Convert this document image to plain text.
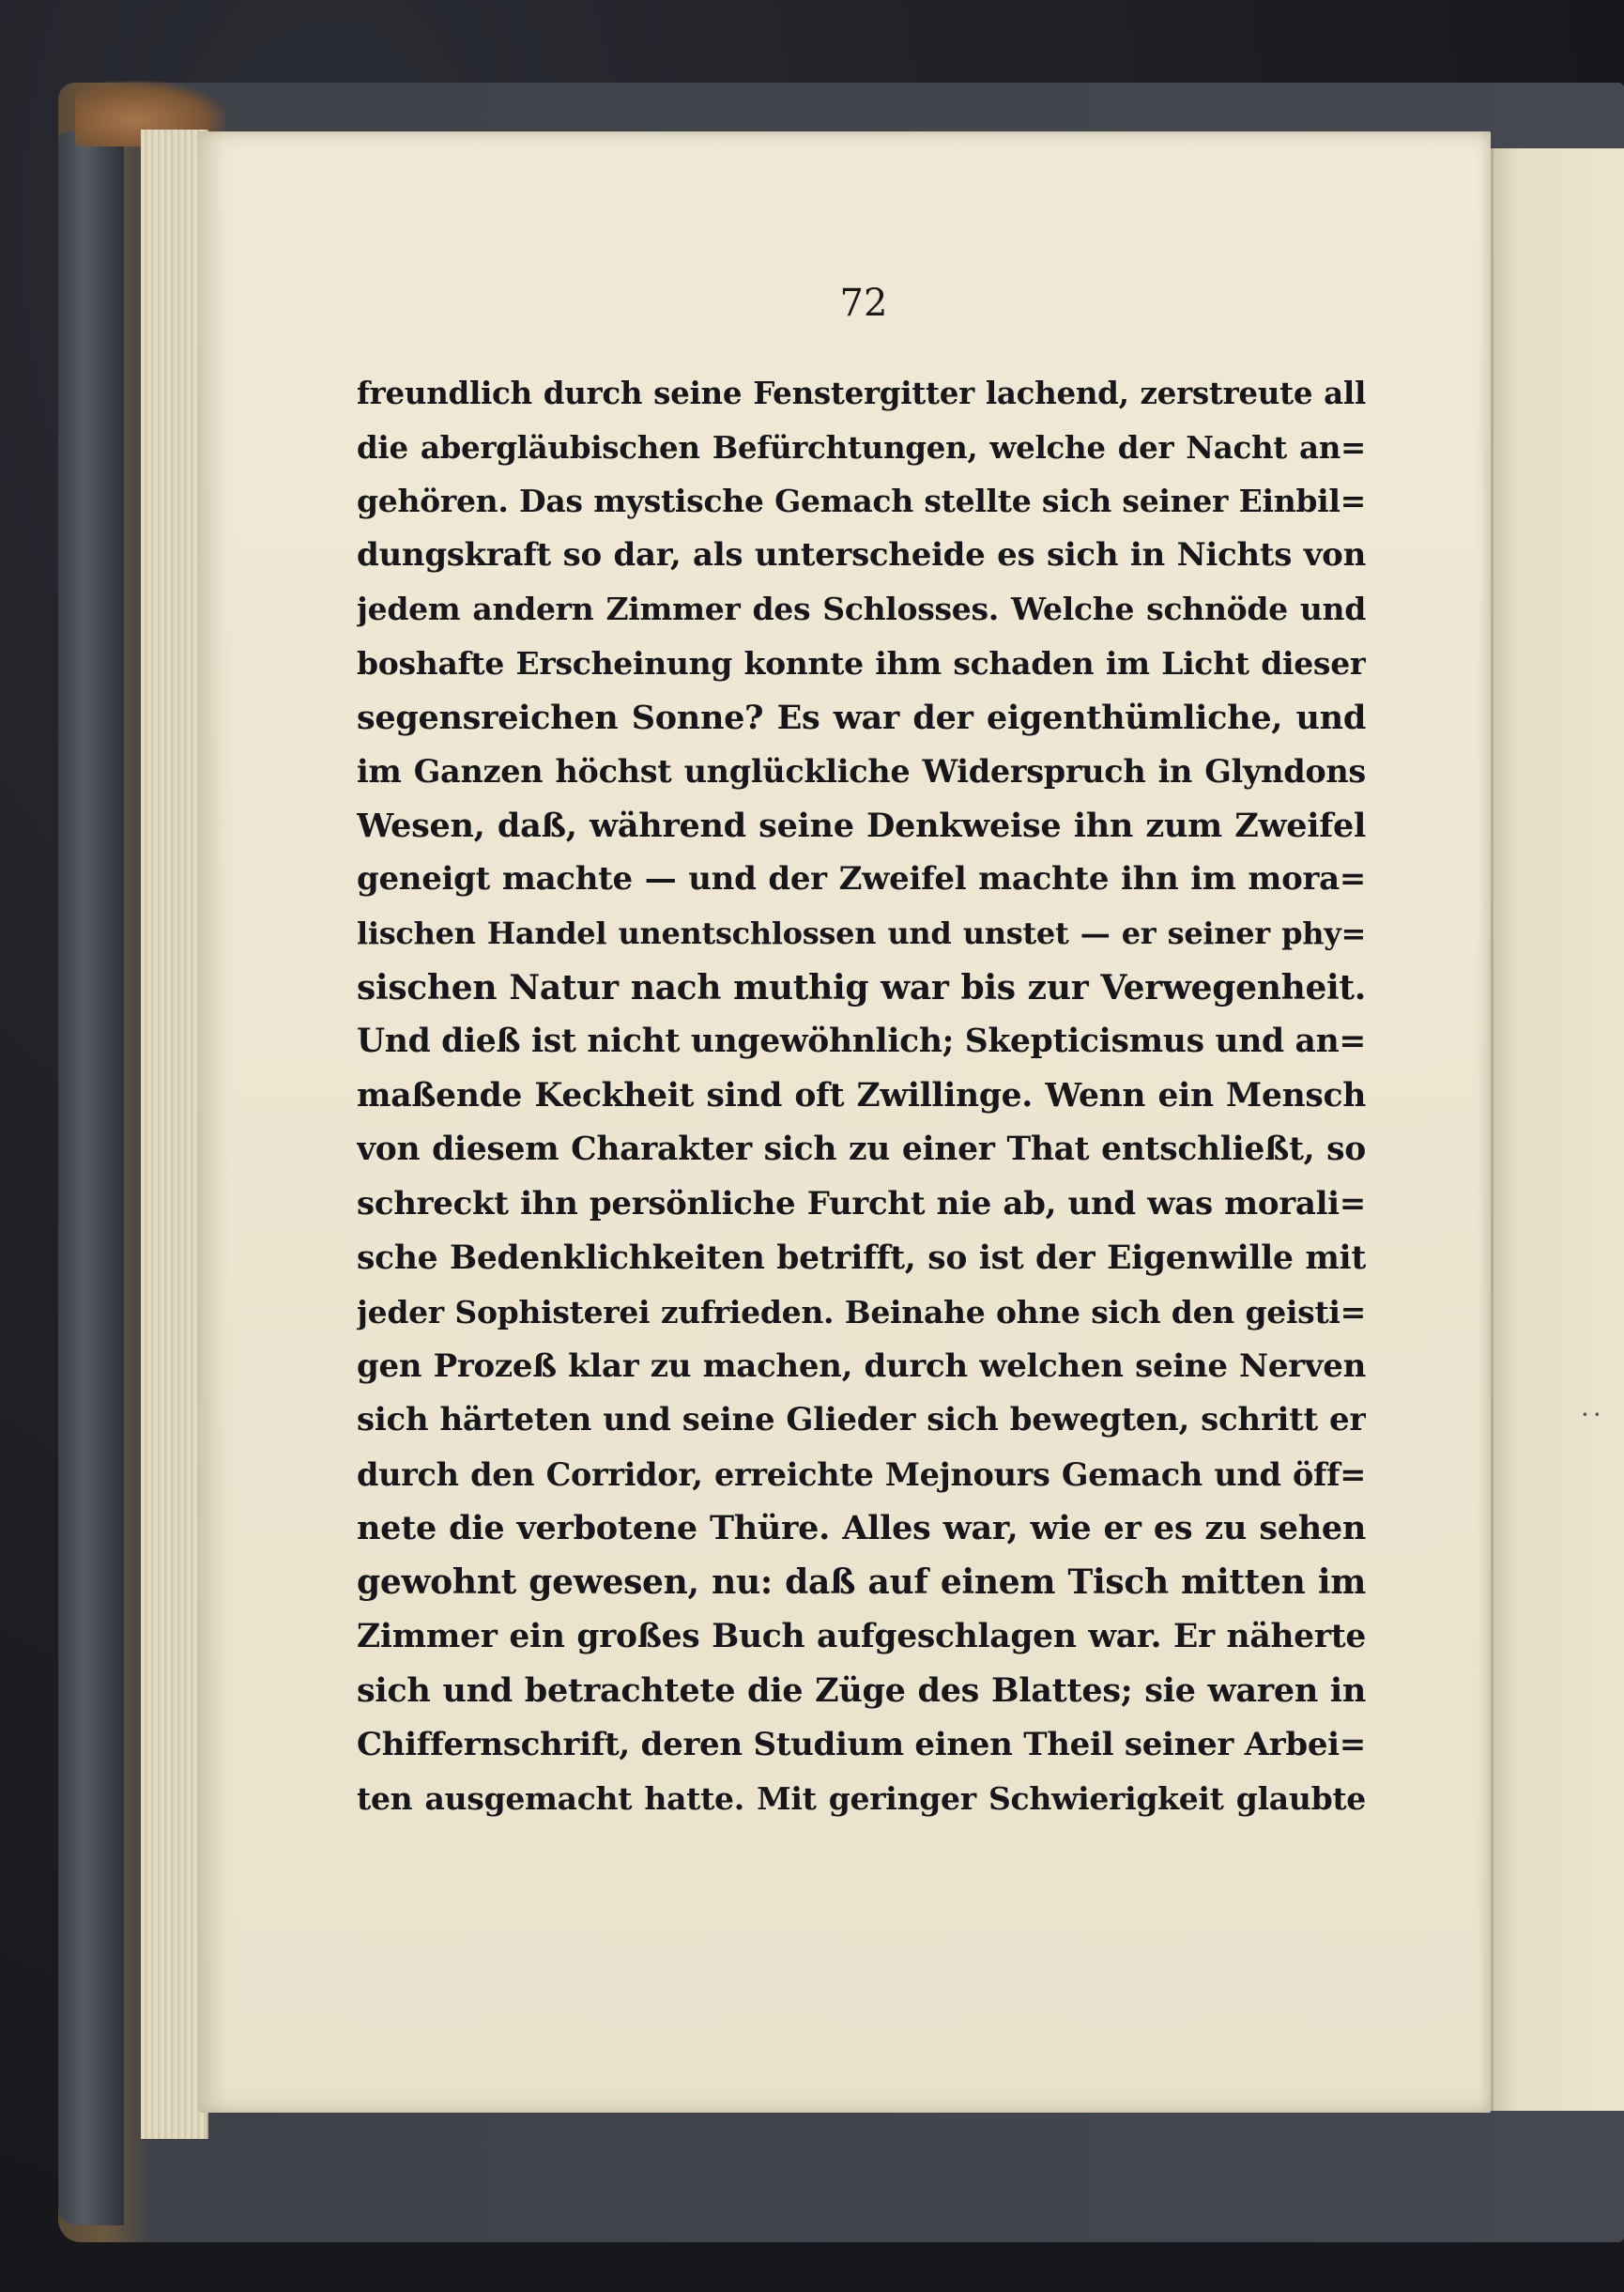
··
72
freundlich durch seine Fenstergitter lachend, zerstreute all
die abergläubischen Befürchtungen, welche der Nacht an=
gehören. Das mystische Gemach stellte sich seiner Einbil=
dungskraft so dar, als unterscheide es sich in Nichts von
jedem andern Zimmer des Schlosses. Welche schnöde und
boshafte Erscheinung konnte ihm schaden im Licht dieser
segensreichen Sonne? Es war der eigenthümliche, und
im Ganzen höchst unglückliche Widerspruch in Glyndons
Wesen, daß, während seine Denkweise ihn zum Zweifel
geneigt machte — und der Zweifel machte ihn im mora=
lischen Handel unentschlossen und unstet — er seiner phy=
sischen Natur nach muthig war bis zur Verwegenheit.
Und dieß ist nicht ungewöhnlich; Skepticismus und an=
maßende Keckheit sind oft Zwillinge. Wenn ein Mensch
von diesem Charakter sich zu einer That entschließt, so
schreckt ihn persönliche Furcht nie ab, und was morali=
sche Bedenklichkeiten betrifft, so ist der Eigenwille mit
jeder Sophisterei zufrieden. Beinahe ohne sich den geisti=
gen Prozeß klar zu machen, durch welchen seine Nerven
sich härteten und seine Glieder sich bewegten, schritt er
durch den Corridor, erreichte Mejnours Gemach und öff=
nete die verbotene Thüre. Alles war, wie er es zu sehen
gewohnt gewesen, nu: daß auf einem Tisch mitten im
Zimmer ein großes Buch aufgeschlagen war. Er näherte
sich und betrachtete die Züge des Blattes; sie waren in
Chiffernschrift, deren Studium einen Theil seiner Arbei=
ten ausgemacht hatte. Mit geringer Schwierigkeit glaubte
